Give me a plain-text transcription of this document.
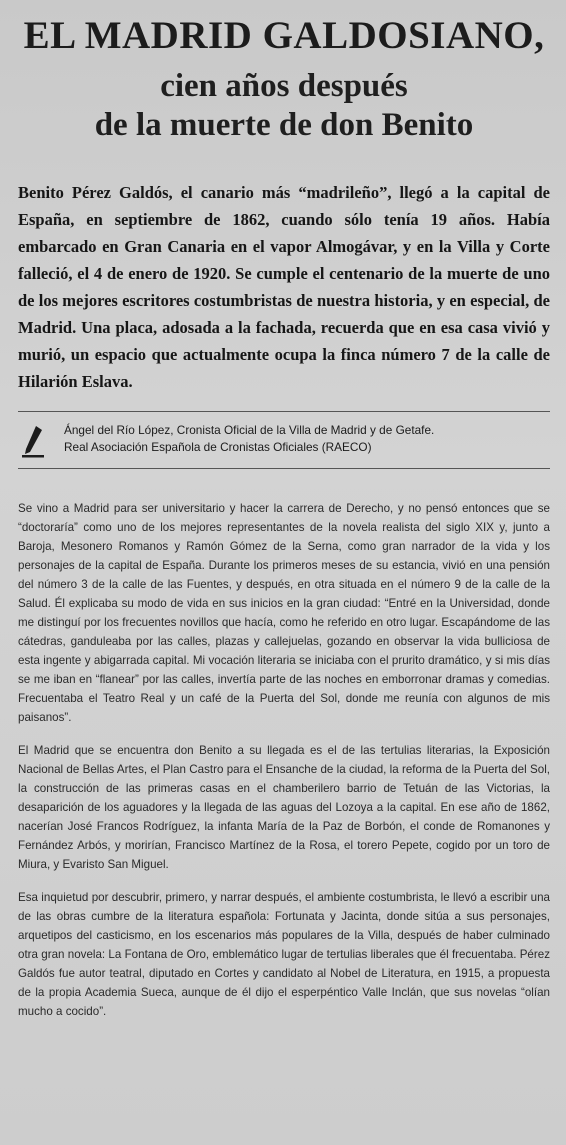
EL MADRID GALDOSIANO,
cien años después
de la muerte de don Benito
Benito Pérez Galdós, el canario más “madrileño”, llegó a la capital de España, en septiembre de 1862, cuando sólo tenía 19 años. Había embarcado en Gran Canaria en el vapor Almogávar, y en la Villa y Corte falleció, el 4 de enero de 1920. Se cumple el centenario de la muerte de uno de los mejores escritores costumbristas de nuestra historia, y en especial, de Madrid. Una placa, adosada a la fachada, recuerda que en esa casa vivió y murió, un espacio que actualmente ocupa la finca número 7 de la calle de Hilarión Eslava.
Ángel del Río López, Cronista Oficial de la Villa de Madrid y de Getafe.
Real Asociación Española de Cronistas Oficiales (RAECO)

Se vino a Madrid para ser universitario y hacer la carrera de Derecho, y no pensó entonces que se “doctoraría” como uno de los mejores representantes de la novela realista del siglo XIX y, junto a Baroja, Mesonero Romanos y Ramón Gómez de la Serna, como gran narrador de la vida y los personajes de la capital de España. Durante los primeros meses de su estancia, vivió en una pensión del número 3 de la calle de las Fuentes, y después, en otra situada en el número 9 de la calle de la Salud. Él explicaba su modo de vida en sus inicios en la gran ciudad: “Entré en la Universidad, donde me distinguí por los frecuentes novillos que hacía, como he referido en otro lugar. Escapándome de las cátedras, ganduleaba por las calles, plazas y callejuelas, gozando en observar la vida bulliciosa de esta ingente y abigarrada capital. Mi vocación literaria se iniciaba con el prurito dramático, y si mis días se me iban en “flanear” por las calles, invertía parte de las noches en emborronar dramas y comedias. Frecuentaba el Teatro Real y un café de la Puerta del Sol, donde me reunía con algunos de mis paisanos”.

El Madrid que se encuentra don Benito a su llegada es el de las tertulias literarias, la Exposición Nacional de Bellas Artes, el Plan Castro para el Ensanche de la ciudad, la reforma de la Puerta del Sol, la construcción de las primeras casas en el chamberilero barrio de Tetuán de las Victorias, la desaparición de los aguadores y la llegada de las aguas del Lozoya a la capital. En ese año de 1862, nacerían José Francos Rodríguez, la infanta María de la Paz de Borbón, el conde de Romanones y Fernández Arbós, y morirían, Francisco Martínez de la Rosa, el torero Pepete, cogido por un toro de Miura, y Evaristo San Miguel.

Esa inquietud por descubrir, primero, y narrar después, el ambiente costumbrista, le llevó a escribir una de las obras cumbre de la literatura española: Fortunata y Jacinta, donde sitúa a sus personajes, arquetipos del casticismo, en los escenarios más populares de la Villa, después de haber culminado otra gran novela: La Fontana de Oro, emblemático lugar de tertulias liberales que él frecuentaba. Pérez Galdós fue autor teatral, diputado en Cortes y candidato al Nobel de Literatura, en 1915, a propuesta de la propia Academia Sueca, aunque de él dijo el esperpéntico Valle Inclán, que sus novelas “olían mucho a cocido”.
